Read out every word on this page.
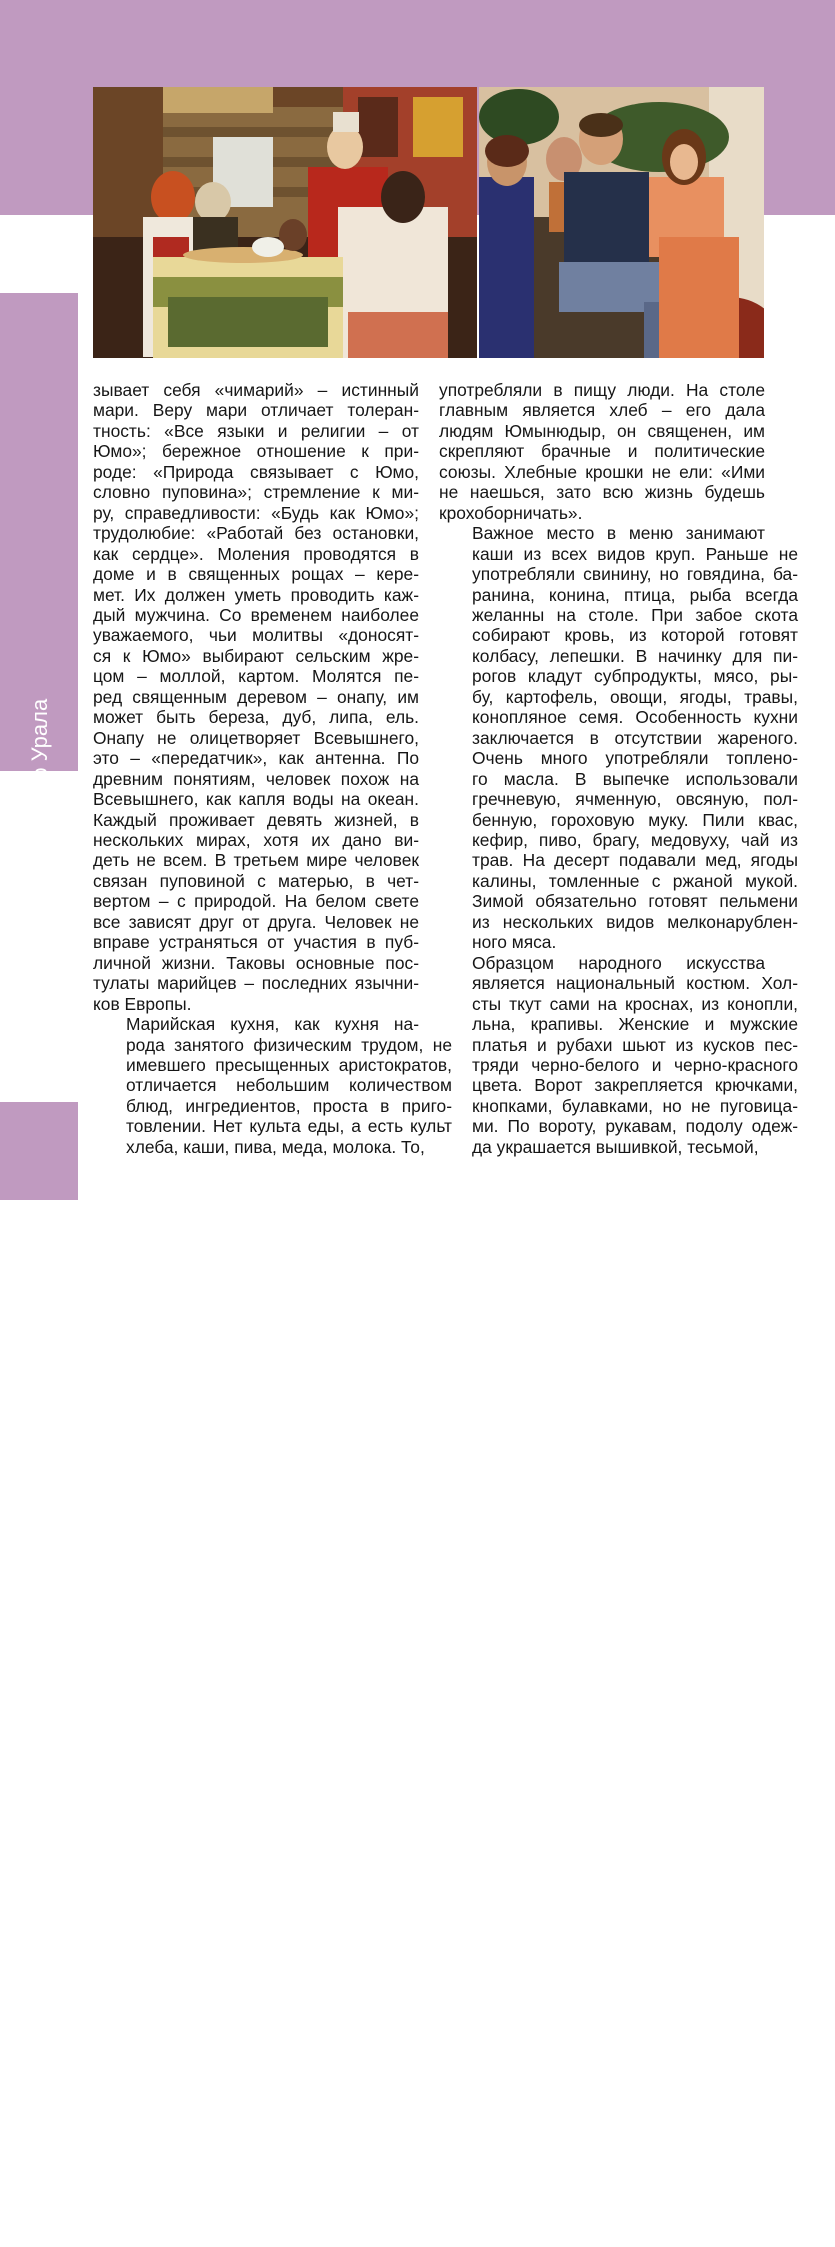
Народы Среднего Урала
4

зывает себя «чимарий» – истинный
мари. Веру мари отличает толеран-
тность: «Все языки и религии – от
Юмо»; бережное отношение к при-
роде: «Природа связывает с Юмо,
словно пуповина»; стремление к ми-
ру, справедливости: «Будь как Юмо»;
трудолюбие: «Работай без остановки,
как сердце». Моления проводятся в
доме и в священных рощах – кере-
мет. Их должен уметь проводить каж-
дый мужчина. Со временем наиболее
уважаемого, чьи молитвы «доносят-
ся к Юмо» выбирают сельским жре-
цом – моллой, картом. Молятся пе-
ред священным деревом – онапу, им
может быть береза, дуб, липа, ель.
Онапу не олицетворяет Всевышнего,
это – «передатчик», как антенна. По
древним понятиям, человек похож на
Всевышнего, как капля воды на океан.
Каждый проживает девять жизней, в
нескольких мирах, хотя их дано ви-
деть не всем. В третьем мире человек
связан пуповиной с матерью, в чет-
вертом – с природой. На белом свете
все зависят друг от друга. Человек не
вправе устраняться от участия в пуб-
личной жизни. Таковы основные пос-
тулаты марийцев – последних язычни-
ков Европы.

Марийская кухня, как кухня на-
рода занятого физическим трудом, не
имевшего пресыщенных аристократов,
отличается небольшим количеством
блюд, ингредиентов, проста в приго-
товлении. Нет культа еды, а есть культ
хлеба, каши, пива, меда, молока. То,

употребляли в пищу люди. На столе
главным является хлеб – его дала
людям Юмынюдыр, он священен, им
скрепляют брачные и политические
союзы. Хлебные крошки не ели: «Ими
не наешься, зато всю жизнь будешь
крохоборничать».

Важное место в меню занимают
каши из всех видов круп. Раньше не
употребляли свинину, но говядина, ба-
ранина, конина, птица, рыба всегда
желанны на столе. При забое скота
собирают кровь, из которой готовят
колбасу, лепешки. В начинку для пи-
рогов кладут субпродукты, мясо, ры-
бу, картофель, овощи, ягоды, травы,
конопляное семя. Особенность кухни
заключается в отсутствии жареного.
Очень много употребляли топлено-
го масла. В выпечке использовали
гречневую, ячменную, овсяную, пол-
бенную, гороховую муку. Пили квас,
кефир, пиво, брагу, медовуху, чай из
трав. На десерт подавали мед, ягоды
калины, томленные с ржаной мукой.
Зимой обязательно готовят пельмени
из нескольких видов мелконарублен-
ного мяса.

Образцом народного искусства
является национальный костюм. Хол-
сты ткут сами на кроснах, из конопли,
льна, крапивы. Женские и мужские
платья и рубахи шьют из кусков пес-
тряди черно-белого и черно-красного
цвета. Ворот закрепляется крючками,
кнопками, булавками, но не пуговица-
ми. По вороту, рукавам, подолу одеж-
да украшается вышивкой, тесьмой,
